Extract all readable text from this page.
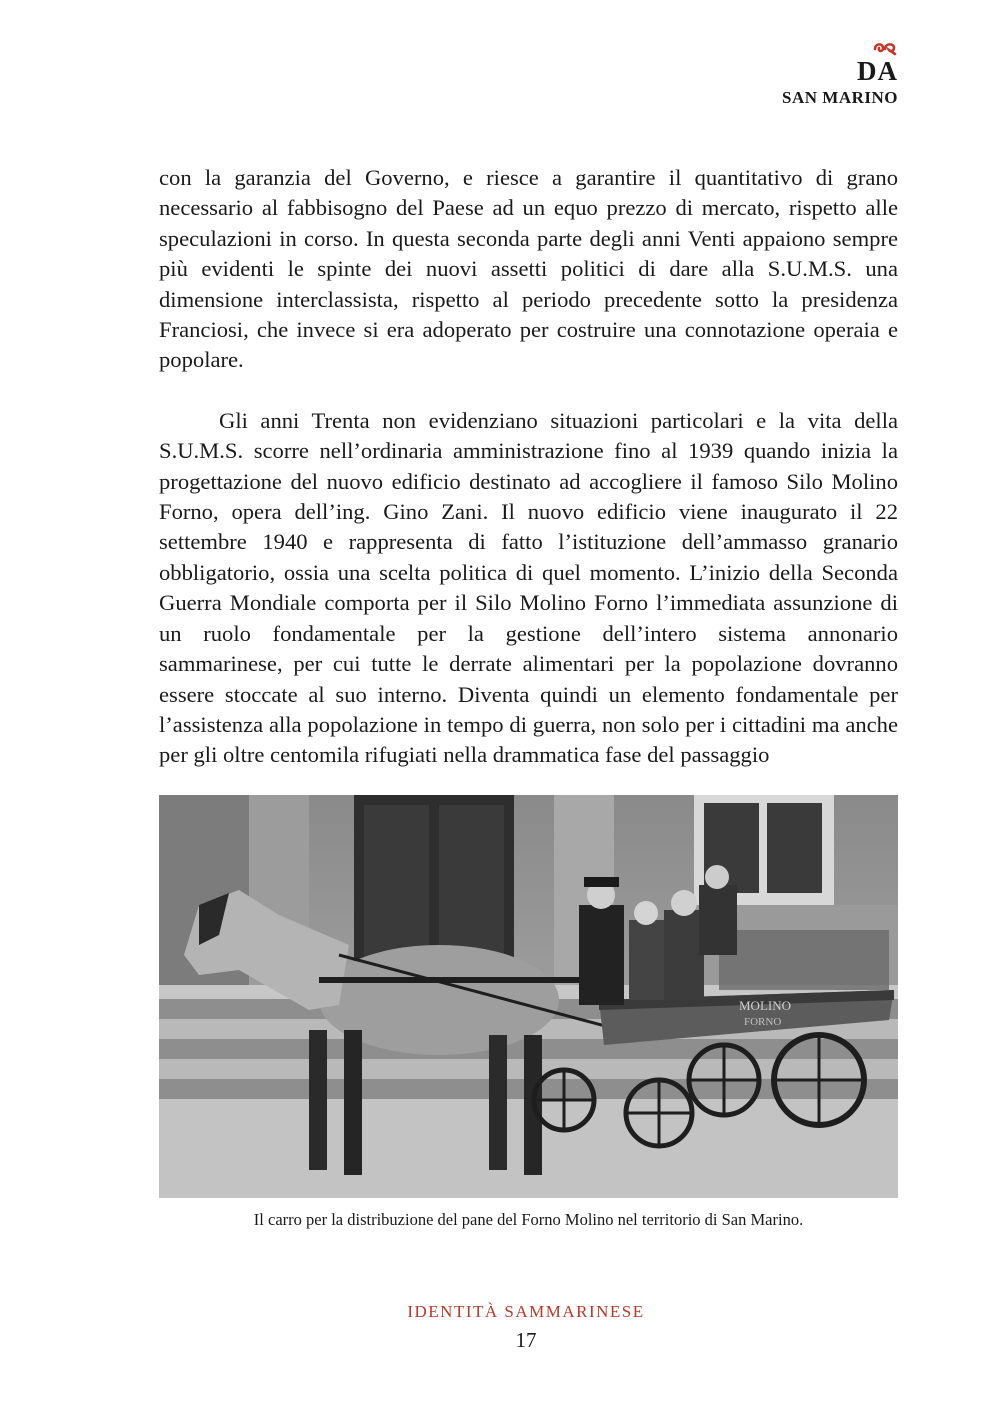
DA
SAN MARINO

con la garanzia del Governo, e riesce a garantire il quantitativo di grano necessario al fabbisogno del Paese ad un equo prezzo di mercato, rispetto alle speculazioni in corso. In questa seconda parte degli anni Venti appaiono sempre più evidenti le spinte dei nuovi assetti politici di dare alla S.U.M.S. una dimensione interclassista, rispetto al periodo precedente sotto la presidenza Franciosi, che invece si era adoperato per costruire una connotazione operaia e popolare.

Gli anni Trenta non evidenziano situazioni particolari e la vita della S.U.M.S. scorre nell’ordinaria amministrazione fino al 1939 quando inizia la progettazione del nuovo edificio destinato ad accogliere il famoso Silo Molino Forno, opera dell’ing. Gino Zani. Il nuovo edificio viene inaugurato il 22 settembre 1940 e rappresenta di fatto l’istituzione dell’ammasso granario obbligatorio, ossia una scelta politica di quel momento. L’inizio della Seconda Guerra Mondiale comporta per il Silo Molino Forno l’immediata assunzione di un ruolo fondamentale per la gestione dell’intero sistema annonario sammarinese, per cui tutte le derrate alimentari per la popolazione dovranno essere stoccate al suo interno. Diventa quindi un elemento fondamentale per l’assistenza alla popolazione in tempo di guerra, non solo per i cittadini ma anche per gli oltre centomila rifugiati nella drammatica fase del passaggio

MOLINO
FORNO
Il carro per la distribuzione del pane del Forno Molino nel territorio di San Marino.
IDENTITÀ SAMMARINESE
17
